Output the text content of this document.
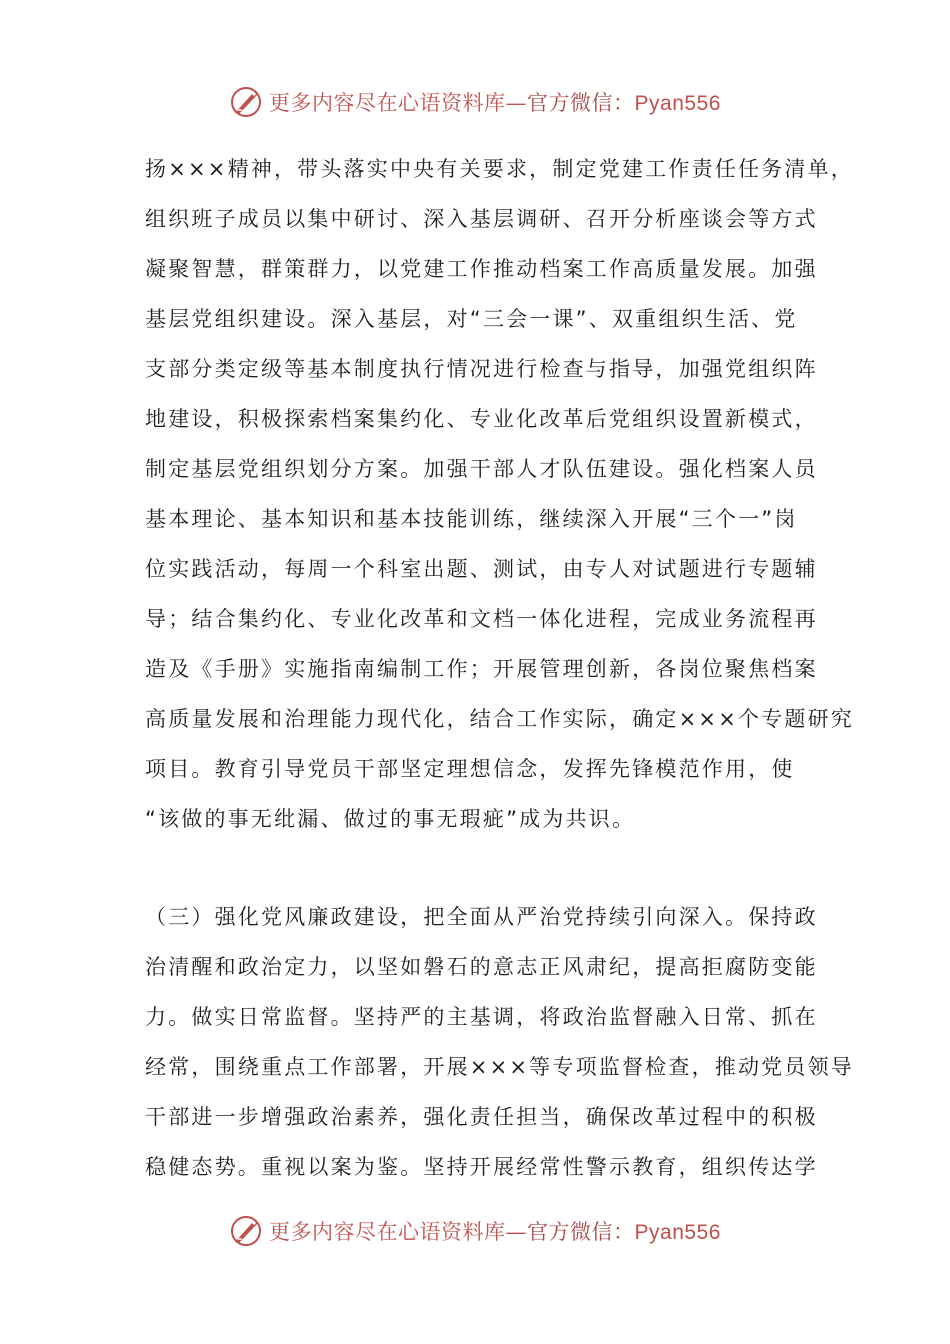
更多内容尽在心语资料库—官方微信：Pyan556
扬×××精神，带头落实中央有关要求，制定党建工作责任任务清单，
组织班子成员以集中研讨、深入基层调研、召开分析座谈会等方式
凝聚智慧，群策群力，以党建工作推动档案工作高质量发展。加强
基层党组织建设。深入基层，对“三会一课”、双重组织生活、党
支部分类定级等基本制度执行情况进行检查与指导，加强党组织阵
地建设，积极探索档案集约化、专业化改革后党组织设置新模式，
制定基层党组织划分方案。加强干部人才队伍建设。强化档案人员
基本理论、基本知识和基本技能训练，继续深入开展“三个一”岗
位实践活动，每周一个科室出题、测试，由专人对试题进行专题辅
导；结合集约化、专业化改革和文档一体化进程，完成业务流程再
造及《手册》实施指南编制工作；开展管理创新，各岗位聚焦档案
高质量发展和治理能力现代化，结合工作实际，确定×××个专题研究
项目。教育引导党员干部坚定理想信念，发挥先锋模范作用，使
“该做的事无纰漏、做过的事无瑕疵”成为共识。
（三）强化党风廉政建设，把全面从严治党持续引向深入。保持政
治清醒和政治定力，以坚如磐石的意志正风肃纪，提高拒腐防变能
力。做实日常监督。坚持严的主基调，将政治监督融入日常、抓在
经常，围绕重点工作部署，开展×××等专项监督检查，推动党员领导
干部进一步增强政治素养，强化责任担当，确保改革过程中的积极
稳健态势。重视以案为鉴。坚持开展经常性警示教育，组织传达学
更多内容尽在心语资料库—官方微信：Pyan556
